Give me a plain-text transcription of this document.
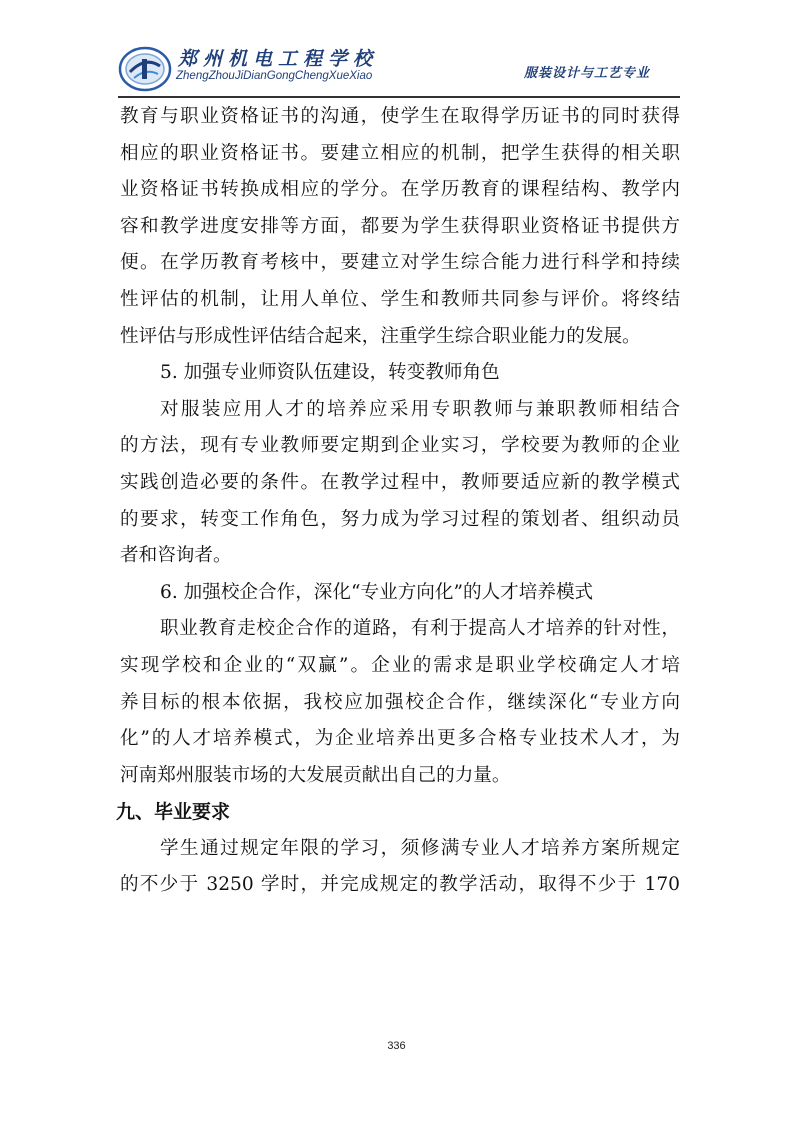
郑州机电工程学校
ZhengZhouJiDianGongChengXueXiao	服装设计与工艺专业
教育与职业资格证书的沟通，使学生在取得学历证书的同时获得
相应的职业资格证书。要建立相应的机制，把学生获得的相关职
业资格证书转换成相应的学分。在学历教育的课程结构、教学内
容和教学进度安排等方面，都要为学生获得职业资格证书提供方
便。在学历教育考核中，要建立对学生综合能力进行科学和持续
性评估的机制，让用人单位、学生和教师共同参与评价。将终结
性评估与形成性评估结合起来，注重学生综合职业能力的发展。
5. 加强专业师资队伍建设，转变教师角色
对服装应用人才的培养应采用专职教师与兼职教师相结合
的方法，现有专业教师要定期到企业实习，学校要为教师的企业
实践创造必要的条件。在教学过程中，教师要适应新的教学模式
的要求，转变工作角色，努力成为学习过程的策划者、组织动员
者和咨询者。
6. 加强校企合作，深化“专业方向化”的人才培养模式
职业教育走校企合作的道路，有利于提高人才培养的针对性，
实现学校和企业的“双赢”。企业的需求是职业学校确定人才培
养目标的根本依据，我校应加强校企合作，继续深化“专业方向
化”的人才培养模式，为企业培养出更多合格专业技术人才，为
河南郑州服装市场的大发展贡献出自己的力量。
九、毕业要求
学生通过规定年限的学习，须修满专业人才培养方案所规定
的不少于 3250 学时，并完成规定的教学活动，取得不少于 170
336
